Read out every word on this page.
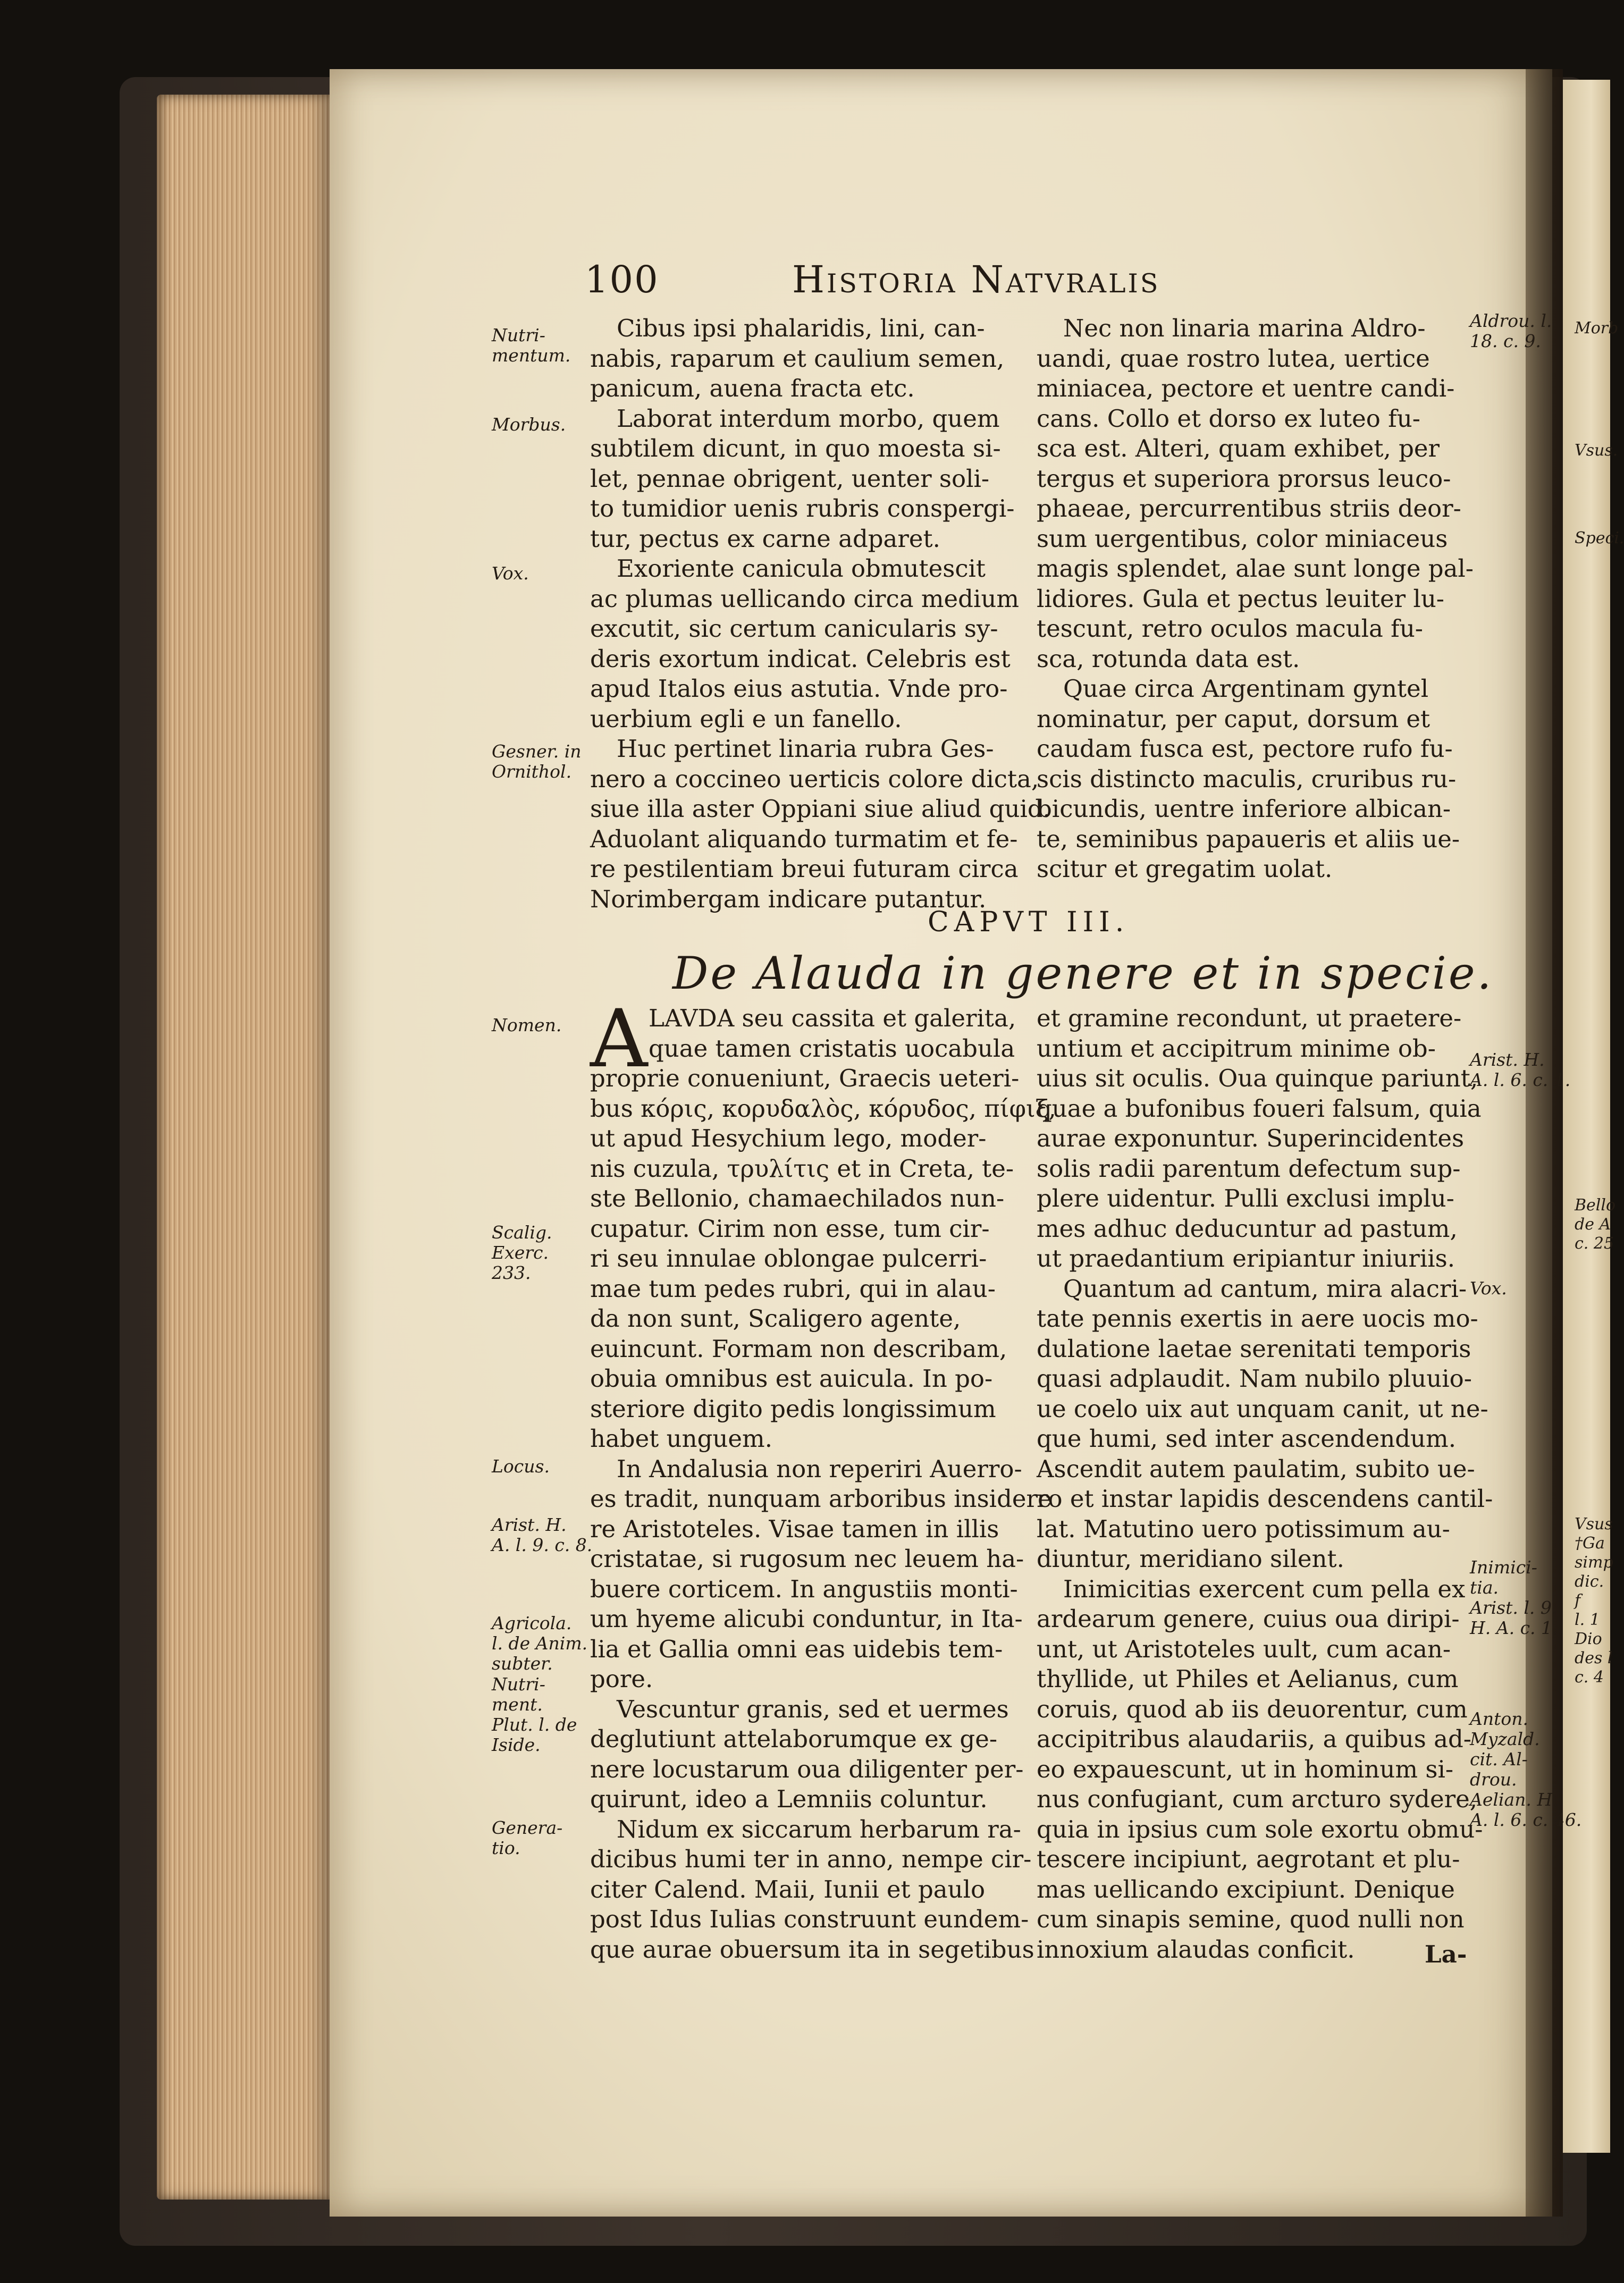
Morb
Vsus.
Speci.
Bello
de A
c. 25
Vsus
†Ga
simp
dic. f
l. 1
Dio
des l
c. 4
100	Historia Natvralis
Nutri-
mentum.
Morbus.
Vox.
Gesner. in
Ornithol.
Nomen.
Scalig.
Exerc.
233.
Locus.
Arist. H.
A. l. 9. c. 8.
Agricola.
l. de Anim.
subter.
Nutri-
ment.
Plut. l. de
Iside.
Genera-
tio.
Aldrou. l.
18. c. 9.
Arist. H.
A. l. 6. c. 1.
Vox.
Inimici-
tia.
Arist. l. 9.
H. A. c. 1.
Anton.
Myzald.
cit. Al-
drou.
Aelian. H.
A. l. 6. c. 46.
Cibus ipsi phalaridis, lini, can-
nabis, raparum et caulium semen,
panicum, auena fracta etc.
Laborat interdum morbo, quem
subtilem dicunt, in quo moesta si-
let, pennae obrigent, uenter soli-
to tumidior uenis rubris conspergi-
tur, pectus ex carne adparet.
Exoriente canicula obmutescit
ac plumas uellicando circa medium
excutit, sic certum canicularis sy-
deris exortum indicat. Celebris est
apud Italos eius astutia. Vnde pro-
uerbium egli e un fanello.
Huc pertinet linaria rubra Ges-
nero a coccineo uerticis colore dicta,
siue illa aster Oppiani siue aliud quid.
Aduolant aliquando turmatim et fe-
re pestilentiam breui futuram circa
Norimbergam indicare putantur.
Nec non linaria marina Aldro-
uandi, quae rostro lutea, uertice
miniacea, pectore et uentre candi-
cans. Collo et dorso ex luteo fu-
sca est. Alteri, quam exhibet, per
tergus et superiora prorsus leuco-
phaeae, percurrentibus striis deor-
sum uergentibus, color miniaceus
magis splendet, alae sunt longe pal-
lidiores. Gula et pectus leuiter lu-
tescunt, retro oculos macula fu-
sca, rotunda data est.
Quae circa Argentinam gyntel
nominatur, per caput, dorsum et
caudam fusca est, pectore rufo fu-
scis distincto maculis, cruribus ru-
bicundis, uentre inferiore albican-
te, seminibus papaueris et aliis ue-
scitur et gregatim uolat.
CAPVT III.
De Alauda in genere et in specie.
A LAVDA seu cassita et galerita,
quae tamen cristatis uocabula
proprie conueniunt, Graecis ueteri-
bus κόρις, κορυδαλὸς, κόρυδος, πίφιξ,
ut apud Hesychium lego, moder-
nis cuzula, τρυλίτις et in Creta, te-
ste Bellonio, chamaechilados nun-
cupatur. Cirim non esse, tum cir-
ri seu innulae oblongae pulcerri-
mae tum pedes rubri, qui in alau-
da non sunt, Scaligero agente,
euincunt. Formam non describam,
obuia omnibus est auicula. In po-
steriore digito pedis longissimum
habet unguem.
In Andalusia non reperiri Auerro-
es tradit, nunquam arboribus insidere
re Aristoteles. Visae tamen in illis
cristatae, si rugosum nec leuem ha-
buere corticem. In angustiis monti-
um hyeme alicubi conduntur, in Ita-
lia et Gallia omni eas uidebis tem-
pore.
Vescuntur granis, sed et uermes
deglutiunt attelaborumque ex ge-
nere locustarum oua diligenter per-
quirunt, ideo a Lemniis coluntur.
Nidum ex siccarum herbarum ra-
dicibus humi ter in anno, nempe cir-
citer Calend. Maii, Iunii et paulo
post Idus Iulias construunt eundem-
que aurae obuersum ita in segetibus
et gramine recondunt, ut praetere-
untium et accipitrum minime ob-
uius sit oculis. Oua quinque pariunt,
quae a bufonibus foueri falsum, quia
aurae exponuntur. Superincidentes
solis radii parentum defectum sup-
plere uidentur. Pulli exclusi implu-
mes adhuc deducuntur ad pastum,
ut praedantium eripiantur iniuriis.
Quantum ad cantum, mira alacri-
tate pennis exertis in aere uocis mo-
dulatione laetae serenitati temporis
quasi adplaudit. Nam nubilo pluuio-
ue coelo uix aut unquam canit, ut ne-
que humi, sed inter ascendendum.
Ascendit autem paulatim, subito ue-
ro et instar lapidis descendens cantil-
lat. Matutino uero potissimum au-
diuntur, meridiano silent.
Inimicitias exercent cum pella ex
ardearum genere, cuius oua diripi-
unt, ut Aristoteles uult, cum acan-
thyllide, ut Philes et Aelianus, cum
coruis, quod ab iis deuorentur, cum
accipitribus alaudariis, a quibus ad-
eo expauescunt, ut in hominum si-
nus confugiant, cum arcturo sydere,
quia in ipsius cum sole exortu obmu-
tescere incipiunt, aegrotant et plu-
mas uellicando excipiunt. Denique
cum sinapis semine, quod nulli non
innoxium alaudas conficit.	La-
